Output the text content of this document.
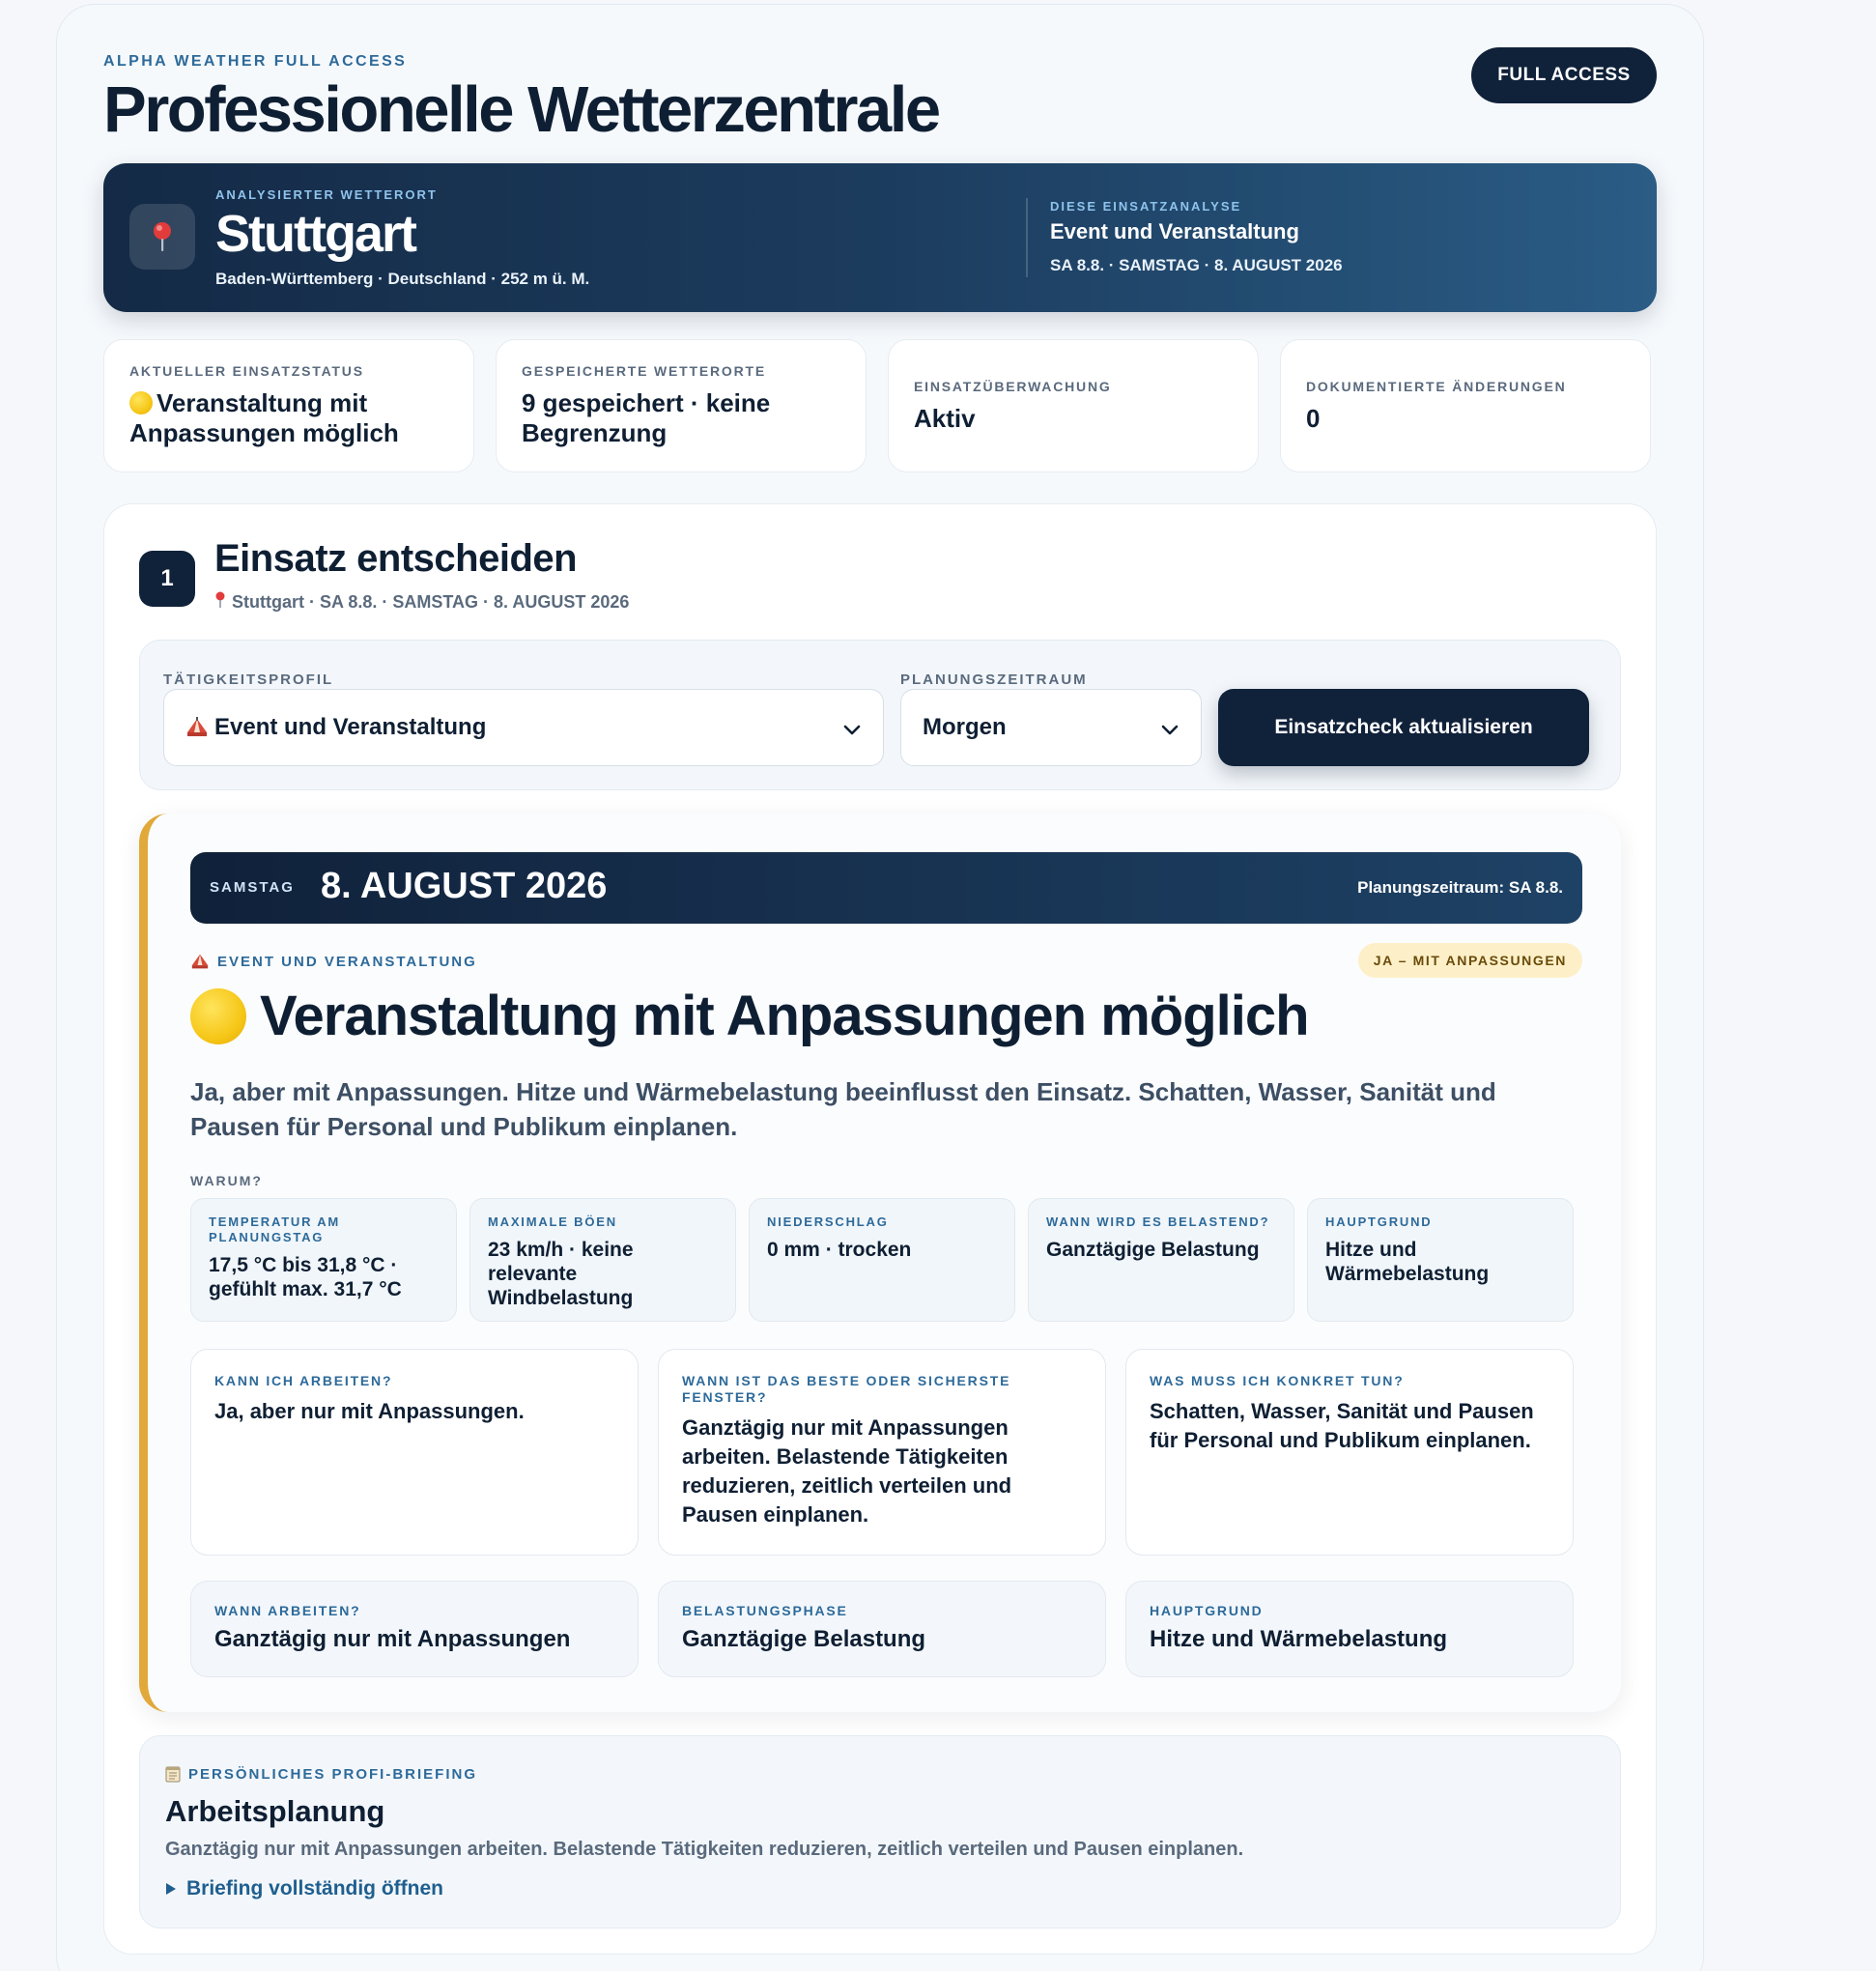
ALPHA WEATHER FULL ACCESS
Professionelle Wetterzentrale	FULL ACCESS
ANALYSIERTER WETTERORT
Stuttgart
Baden-Württemberg · Deutschland · 252 m ü. M.
DIESE EINSATZANALYSE
Event und Veranstaltung
SA 8.8. · SAMSTAG · 8. AUGUST 2026
AKTUELLER EINSATZSTATUS
Veranstaltung mit Anpassungen möglich
GESPEICHERTE WETTERORTE
9 gespeichert · keine Begrenzung
EINSATZÜBERWACHUNG
Aktiv
DOKUMENTIERTE ÄNDERUNGEN
0
1	Einsatz entscheiden
Stuttgart · SA 8.8. · SAMSTAG · 8. AUGUST 2026
TÄTIGKEITSPROFIL
Event und Veranstaltung
PLANUNGSZEITRAUM
Morgen	Einsatzcheck aktualisieren
SAMSTAG 8. AUGUST 2026	Planungszeitraum: SA 8.8.
EVENT UND VERANSTALTUNG	JA – MIT ANPASSUNGEN
Veranstaltung mit Anpassungen möglich
Ja, aber mit Anpassungen. Hitze und Wärmebelastung beeinflusst den Einsatz. Schatten, Wasser, Sanität und Pausen für Personal und Publikum einplanen.
WARUM?
TEMPERATUR AM PLANUNGSTAG
17,5 °C bis 31,8 °C · gefühlt max. 31,7 °C
MAXIMALE BÖEN
23 km/h · keine relevante Windbelastung
NIEDERSCHLAG
0 mm · trocken
WANN WIRD ES BELASTEND?
Ganztägige Belastung
HAUPTGRUND
Hitze und Wärmebelastung
KANN ICH ARBEITEN?
Ja, aber nur mit Anpassungen.
WANN IST DAS BESTE ODER SICHERSTE FENSTER?
Ganztägig nur mit Anpassungen arbeiten. Belastende Tätigkeiten reduzieren, zeitlich verteilen und Pausen einplanen.
WAS MUSS ICH KONKRET TUN?
Schatten, Wasser, Sanität und Pausen für Personal und Publikum einplanen.
WANN ARBEITEN?
Ganztägig nur mit Anpassungen
BELASTUNGSPHASE
Ganztägige Belastung
HAUPTGRUND
Hitze und Wärmebelastung
PERSÖNLICHES PROFI-BRIEFING
Arbeitsplanung
Ganztägig nur mit Anpassungen arbeiten. Belastende Tätigkeiten reduzieren, zeitlich verteilen und Pausen einplanen.
Briefing vollständig öffnen
